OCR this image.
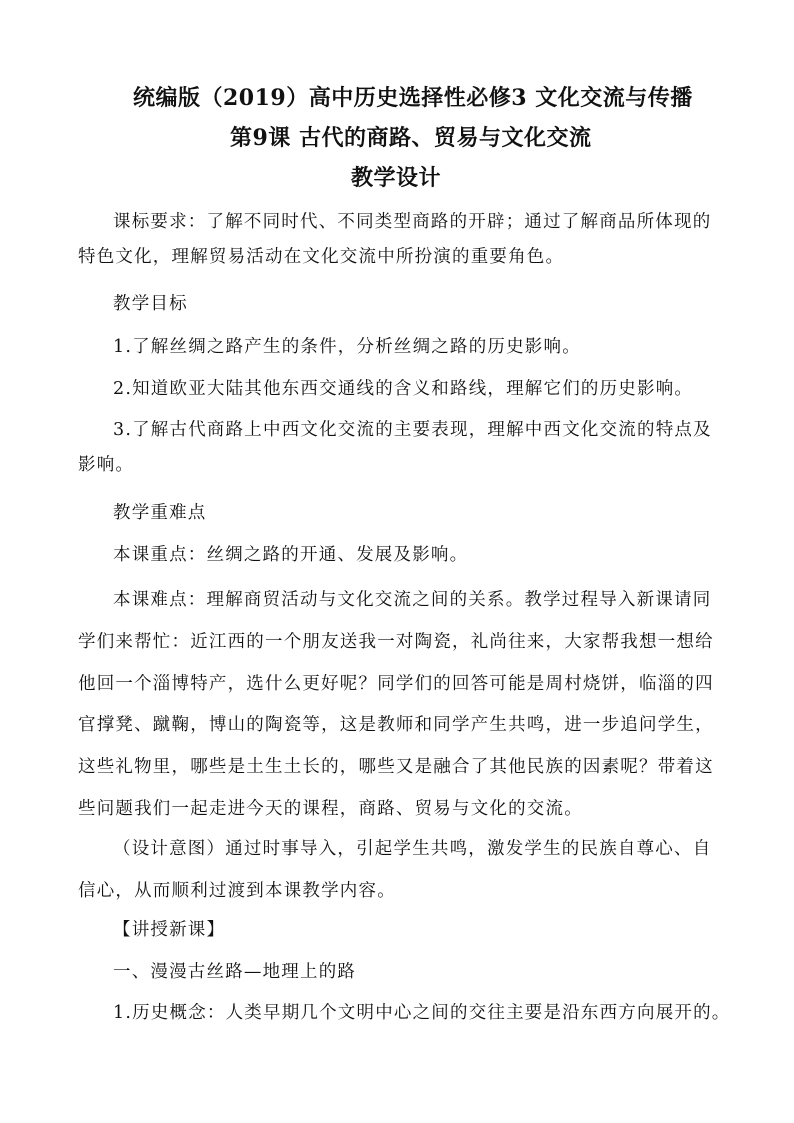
统编版（2019）高中历史选择性必修3 文化交流与传播
第9课 古代的商路、贸易与文化交流
教学设计

课标要求：了解不同时代、不同类型商路的开辟；通过了解商品所体现的特色文化，理解贸易活动在文化交流中所扮演的重要角色。

教学目标
1.了解丝绸之路产生的条件，分析丝绸之路的历史影响。
2.知道欧亚大陆其他东西交通线的含义和路线，理解它们的历史影响。

3.了解古代商路上中西文化交流的主要表现，理解中西文化交流的特点及影响。

教学重难点
本课重点：丝绸之路的开通、发展及影响。

本课难点：理解商贸活动与文化交流之间的关系。教学过程导入新课请同学们来帮忙：近江西的一个朋友送我一对陶瓷，礼尚往来，大家帮我想一想给他回一个淄博特产，选什么更好呢？同学们的回答可能是周村烧饼，临淄的四官撑凳、蹴鞠，博山的陶瓷等，这是教师和同学产生共鸣，进一步追问学生，这些礼物里，哪些是土生土长的，哪些又是融合了其他民族的因素呢？带着这些问题我们一起走进今天的课程，商路、贸易与文化的交流。

（设计意图）通过时事导入，引起学生共鸣，激发学生的民族自尊心、自信心，从而顺利过渡到本课教学内容。

【讲授新课】
一、漫漫古丝路—地理上的路
1.历史概念：人类早期几个文明中心之间的交往主要是沿东西方向展开的。
